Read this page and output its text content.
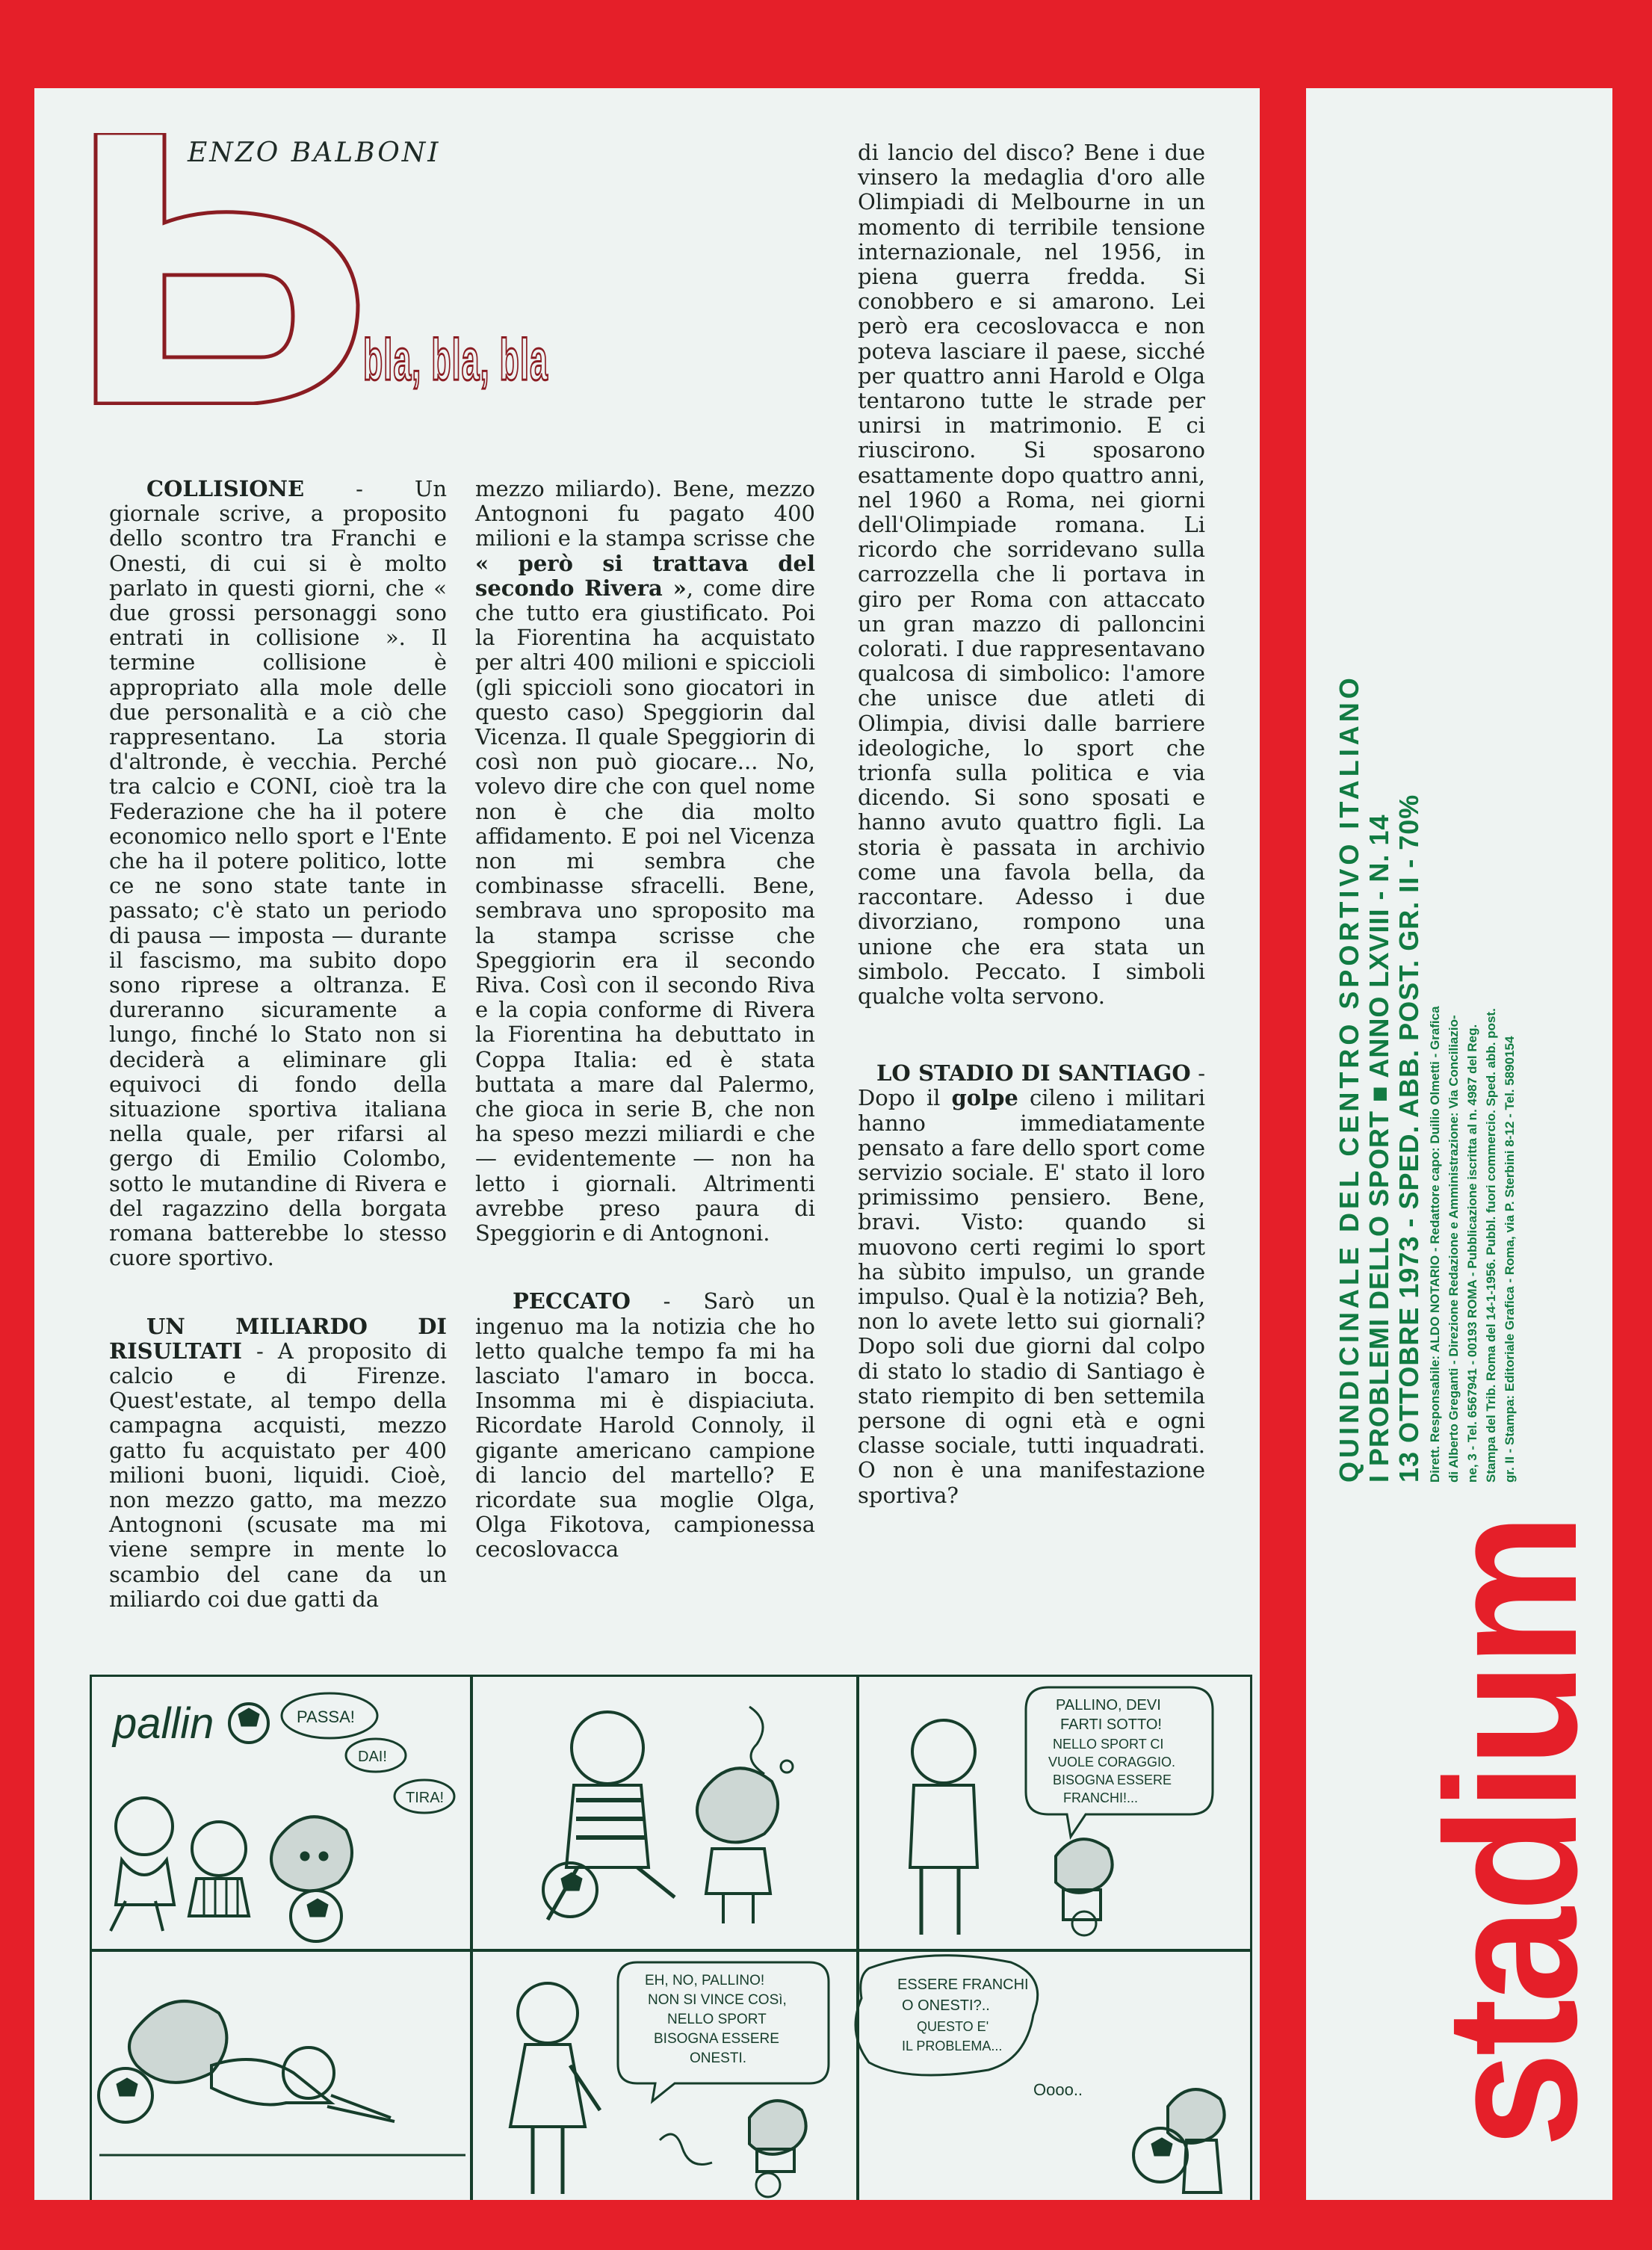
ENZO BALBONI
bla, bla, bla

COLLISIONE - Un giornale scrive, a proposito dello scontro tra Franchi e Onesti, di cui si è molto parlato in questi giorni, che « due grossi personaggi sono entrati in collisione ». Il termine collisione è appropriato alla mole delle due personalità e a ciò che rappresentano. La storia d'altronde, è vecchia. Perché tra calcio e CONI, cioè tra la Federazione che ha il potere economico nello sport e l'Ente che ha il potere politico, lotte ce ne sono state tante in passato; c'è stato un periodo di pausa — imposta — durante il fascismo, ma subito dopo sono riprese a oltranza. E dureranno sicuramente a lungo, finché lo Stato non si deciderà a eliminare gli equivoci di fondo della situazione sportiva italiana nella quale, per rifarsi al gergo di Emilio Colombo, sotto le mutandine di Rivera e del ragazzino della borgata romana batterebbe lo stesso cuore sportivo.

UN MILIARDO DI RISULTATI - A proposito di calcio e di Firenze. Quest'estate, al tempo della campagna acquisti, mezzo gatto fu acquistato per 400 milioni buoni, liquidi. Cioè, non mezzo gatto, ma mezzo Antognoni (scusate ma mi viene sempre in mente lo scambio del cane da un miliardo coi due gatti da

mezzo miliardo). Bene, mezzo Antognoni fu pagato 400 milioni e la stampa scrisse che « però si trattava del secondo Rivera », come dire che tutto era giustificato. Poi la Fiorentina ha acquistato per altri 400 milioni e spiccioli (gli spiccioli sono giocatori in questo caso) Speggiorin dal Vicenza. Il quale Speggiorin di così non può giocare... No, volevo dire che con quel nome non è che dia molto affidamento. E poi nel Vicenza non mi sembra che combinasse sfracelli. Bene, sembrava uno sproposito ma la stampa scrisse che Speggiorin era il secondo Riva. Così con il secondo Riva e la copia conforme di Rivera la Fiorentina ha debuttato in Coppa Italia: ed è stata buttata a mare dal Palermo, che gioca in serie B, che non ha speso mezzi miliardi e che — evidentemente — non ha letto i giornali. Altrimenti avrebbe preso paura di Speggiorin e di Antognoni.

PECCATO - Sarò un ingenuo ma la notizia che ho letto qualche tempo fa mi ha lasciato l'amaro in bocca. Insomma mi è dispiaciuta. Ricordate Harold Connoly, il gigante americano campione di lancio del martello? E ricordate sua moglie Olga, Olga Fikotova, campionessa cecoslovacca

di lancio del disco? Bene i due vinsero la medaglia d'oro alle Olimpiadi di Melbourne in un momento di terribile tensione internazionale, nel 1956, in piena guerra fredda. Si conobbero e si amarono. Lei però era cecoslovacca e non poteva lasciare il paese, sicché per quattro anni Harold e Olga tentarono tutte le strade per unirsi in matrimonio. E ci riuscirono. Si sposarono esattamente dopo quattro anni, nel 1960 a Roma, nei giorni dell'Olimpiade romana. Li ricordo che sorridevano sulla carrozzella che li portava in giro per Roma con attaccato un gran mazzo di palloncini colorati. I due rappresentavano qualcosa di simbolico: l'amore che unisce due atleti di Olimpia, divisi dalle barriere ideologiche, lo sport che trionfa sulla politica e via dicendo. Si sono sposati e hanno avuto quattro figli. La storia è passata in archivio come una favola bella, da raccontare. Adesso i due divorziano, rompono una unione che era stata un simbolo. Peccato. I simboli qualche volta servono.

LO STADIO DI SANTIAGO - Dopo il golpe cileno i militari hanno immediatamente pensato a fare dello sport come servizio sociale. E' stato il loro primissimo pensiero. Bene, bravi. Visto: quando si muovono certi regimi lo sport ha sùbito impulso, un grande impulso. Qual è la notizia? Beh, non lo avete letto sui giornali? Dopo soli due giorni dal colpo di stato lo stadio di Santiago è stato riempito di ben settemila persone di ogni età e ogni classe sociale, tutti inquadrati. O non è una manifestazione sportiva?

pallin	PASSA!
DAI!
TIRA!
PALLINO, DEVI
FARTI SOTTO!
NELLO SPORT CI
VUOLE CORAGGIO.
BISOGNA ESSERE
FRANCHI!...
EH, NO, PALLINO!
NON SI VINCE COSì,
NELLO SPORT
BISOGNA ESSERE
ONESTI.
ESSERE FRANCHI
O ONESTI?..
QUESTO E'
IL PROBLEMA...
Oooo.. stadium
QUINDICINALE DEL CENTRO SPORTIVO ITALIANO I PROBLEMI DELLO SPORT ■ ANNO LXVIII - N. 14 13 OTTOBRE 1973 - SPED. ABB. POST. GR. II - 70% Dirett. Responsabile: ALDO NOTARIO - Redattore capo: Duilio Olmetti - Grafica di Alberto Greganti - Direzione Redazione e Amministrazione: Via Conciliazio- ne, 3 - Tel. 6567941 - 00193 ROMA - Pubblicazione iscritta al n. 4987 del Reg. Stampa del Trib. Roma del 14-1-1956. Pubbl. fuori commercio. Sped. abb. post. gr. II - Stampa: Editoriale Grafica - Roma, via P. Sterbini 8-12 - Tel. 5890154
